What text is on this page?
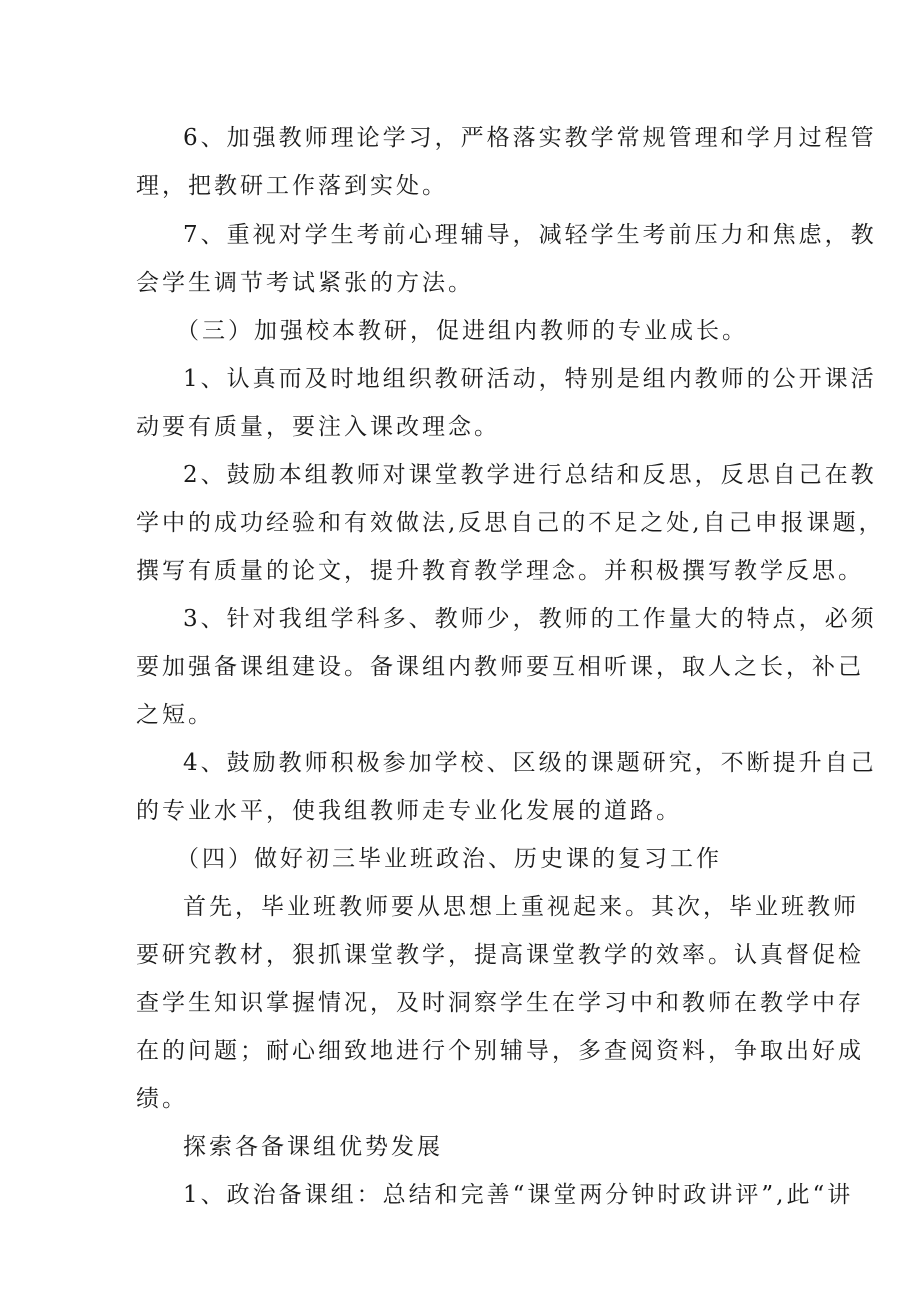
6、加强教师理论学习，严格落实教学常规管理和学月过程管
理，把教研工作落到实处。
7、重视对学生考前心理辅导，减轻学生考前压力和焦虑，教
会学生调节考试紧张的方法。
（三）加强校本教研，促进组内教师的专业成长。
1、认真而及时地组织教研活动，特别是组内教师的公开课活
动要有质量，要注入课改理念。
2、鼓励本组教师对课堂教学进行总结和反思，反思自己在教
学中的成功经验和有效做法,反思自己的不足之处,自己申报课题，
撰写有质量的论文，提升教育教学理念。并积极撰写教学反思。
3、针对我组学科多、教师少，教师的工作量大的特点，必须
要加强备课组建设。备课组内教师要互相听课，取人之长，补己
之短。
4、鼓励教师积极参加学校、区级的课题研究，不断提升自己
的专业水平，使我组教师走专业化发展的道路。
（四）做好初三毕业班政治、历史课的复习工作
首先，毕业班教师要从思想上重视起来。其次，毕业班教师
要研究教材，狠抓课堂教学，提高课堂教学的效率。认真督促检
查学生知识掌握情况，及时洞察学生在学习中和教师在教学中存
在的问题；耐心细致地进行个别辅导，多查阅资料，争取出好成
绩。
探索各备课组优势发展
1、政治备课组：总结和完善“课堂两分钟时政讲评”,此“讲
